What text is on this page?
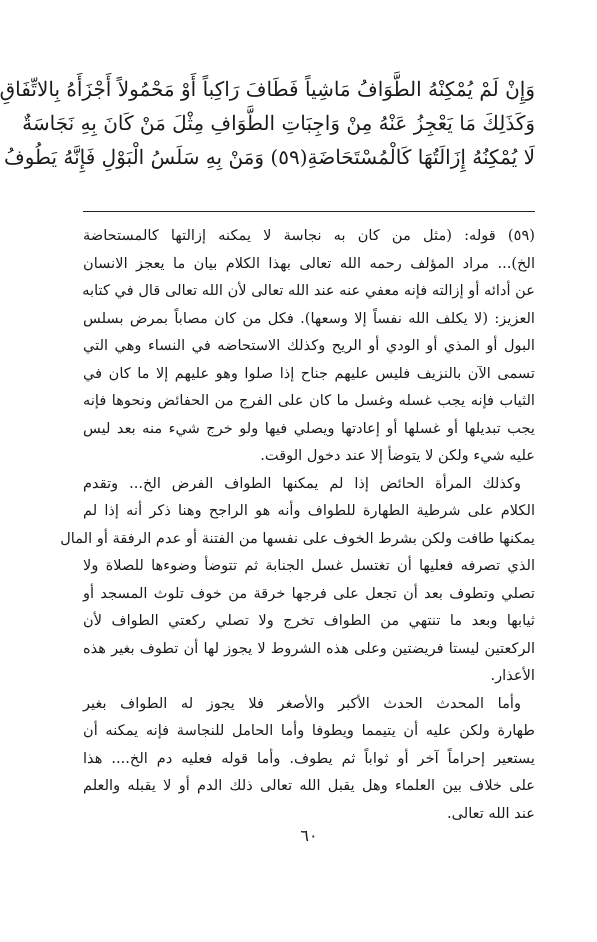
وَإِنْ لَمْ يُمْكِنْهُ الطَّوَافُ مَاشِياً فَطَافَ رَاكِباً أَوْ مَحْمُولاً أَجْزَأَهُ بِالاتِّفَاقِ
وَكَذَلِكَ مَا يَعْجِزُ عَنْهُ مِنْ وَاجِبَاتِ الطَّوَافِ مِثْلَ مَنْ كَانَ بِهِ نَجَاسَةٌ
لَا يُمْكِنُهُ إِزَالَتُهَا كَالْمُسْتَحَاضَةِ(٥٩) وَمَنْ بِهِ سَلَسُ الْبَوْلِ فَإِنَّهُ يَطُوفُ
(٥٩) قوله: (مثل من كان به نجاسة لا يمكنه إزالتها كالمستحاضة
الخ)... مراد المؤلف رحمه الله تعالى بهذا الكلام بيان ما يعجز الانسان
عن أدائه أو إزالته فإنه معفي عنه عند الله تعالى لأن الله تعالى قال في كتابه
العزيز: (لا يكلف الله نفساً إلا وسعها). فكل من كان مصاباً بمرض بسلس
البول أو المذي أو الودي أو الريح وكذلك الاستحاضه في النساء وهي التي
تسمى الآن بالنزيف فليس عليهم جناح إذا صلوا وهو عليهم إلا ما كان في
الثياب فإنه يجب غسله وغسل ما كان على الفرج من الحفائض ونحوها فإنه
يجب تبديلها أو غسلها أو إعادتها ويصلي فيها ولو خرج شيء منه بعد ليس
عليه شيء ولكن لا يتوضأ إلا عند دخول الوقت.
وكذلك المرأة الحائض إذا لم يمكنها الطواف الفرض الخ... وتقدم
الكلام على شرطية الطهارة للطواف وأنه هو الراجح وهنا ذكر أنه إذا لم
يمكنها طافت ولكن بشرط الخوف على نفسها من الفتنة أو عدم الرفقة أو المال
الذي تصرفه فعليها أن تغتسل غسل الجنابة ثم تتوضأ وضوءها للصلاة ولا
تصلي وتطوف بعد أن تجعل على فرجها خرقة من خوف تلوث المسجد أو
ثيابها وبعد ما تنتهي من الطواف تخرج ولا تصلي ركعتي الطواف لأن
الركعتين ليستا فريضتين وعلى هذه الشروط لا يجوز لها أن تطوف بغير هذه
الأعذار.
وأما المحدث الحدث الأكبر والأصغر فلا يجوز له الطواف بغير
طهارة ولكن عليه أن يتيمما ويطوفا وأما الحامل للنجاسة فإنه يمكنه أن
يستعير إحراماً آخر أو ثواباً ثم يطوف. وأما قوله فعليه دم الخ.... هذا
على خلاف بين العلماء وهل يقبل الله تعالى ذلك الدم أو لا يقبله والعلم
عند الله تعالى.
٦٠
